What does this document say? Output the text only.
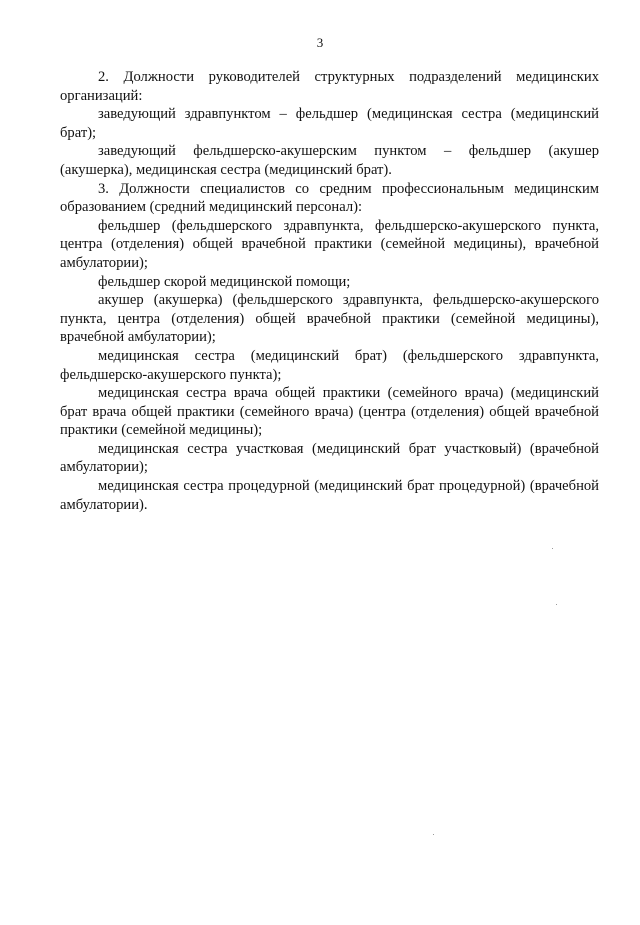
3

2. Должности руководителей структурных подразделений медицинских организаций:

заведующий здравпунктом – фельдшер (медицинская сестра (медицинский брат);

заведующий фельдшерско-акушерским пунктом – фельдшер (акушер (акушерка), медицинская сестра (медицинский брат).

3. Должности специалистов со средним профессиональным медицинским образованием (средний медицинский персонал):

фельдшер (фельдшерского здравпункта, фельдшерско-акушерского пункта, центра (отделения) общей врачебной практики (семейной медицины), врачебной амбулатории);

фельдшер скорой медицинской помощи;

акушер (акушерка) (фельдшерского здравпункта, фельдшерско-акушерского пункта, центра (отделения) общей врачебной практики (семейной медицины), врачебной амбулатории);

медицинская сестра (медицинский брат) (фельдшерского здравпункта, фельдшерско-акушерского пункта);

медицинская сестра врача общей практики (семейного врача) (медицинский брат врача общей практики (семейного врача) (центра (отделения) общей врачебной практики (семейной медицины);

медицинская сестра участковая (медицинский брат участковый) (врачебной амбулатории);

медицинская сестра процедурной (медицинский брат процедурной) (врачебной амбулатории).
